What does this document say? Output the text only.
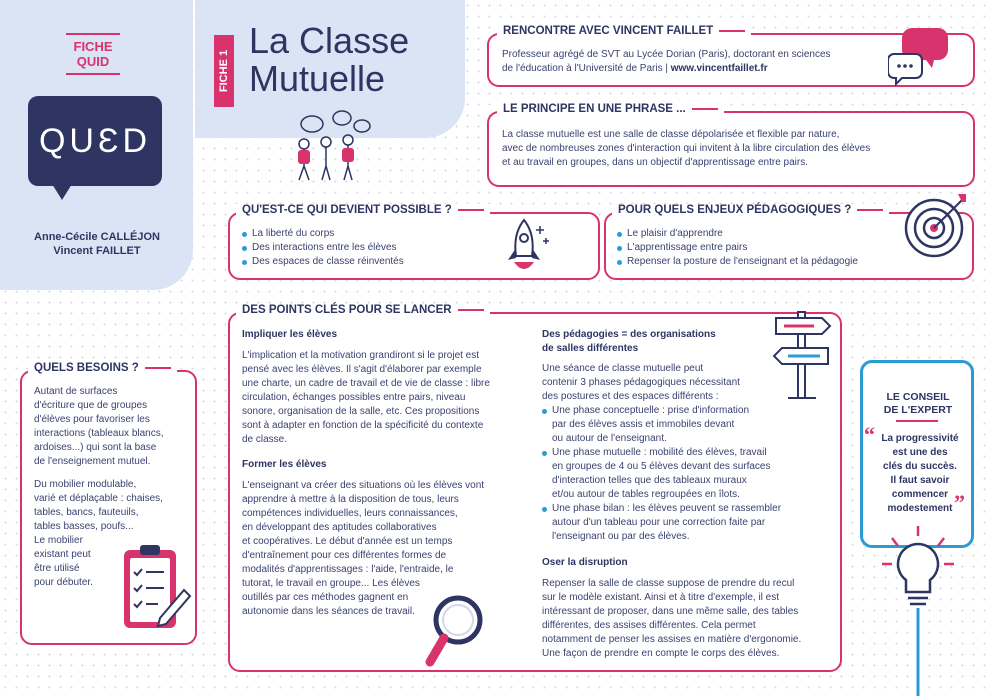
FICHE
QUID
QUƐD
Anne-Cécile CALLÉJON
Vincent FAILLET
FICHE 1
La Classe
Mutuelle
RENCONTRE AVEC VINCENT FAILLET
Professeur agrégé de SVT au Lycée Dorian (Paris), doctorant en sciences
de l'éducation à l'Université de Paris | www.vincentfaillet.fr
LE PRINCIPE EN UNE PHRASE ...
La classe mutuelle est une salle de classe dépolarisée et flexible par nature,
avec de nombreuses zones d'interaction qui invitent à la libre circulation des élèves
et au travail en groupes, dans un objectif d'apprentissage entre pairs.
QU'EST-CE QUI DEVIENT POSSIBLE ?
La liberté du corps
Des interactions entre les élèves
Des espaces de classe réinventés
POUR QUELS ENJEUX PÉDAGOGIQUES ?
Le plaisir d'apprendre
L'apprentissage entre pairs
Repenser la posture de l'enseignant et la pédagogie
QUELS BESOINS ?
Autant de surfaces
d'écriture que de groupes
d'élèves pour favoriser les
interactions (tableaux blancs,
ardoises...) qui sont la base
de l'enseignement mutuel.
Du mobilier modulable,
varié et déplaçable : chaises,
tables, bancs, fauteuils,
tables basses, poufs...
Le mobilier
existant peut
être utilisé
pour débuter.
DES POINTS CLÉS POUR SE LANCER
Impliquer les élèves
L'implication et la motivation grandiront si le projet est
pensé avec les élèves. Il s'agit d'élaborer par exemple
une charte, un cadre de travail et de vie de classe : libre
circulation, échanges possibles entre pairs, niveau
sonore, organisation de la salle, etc. Ces propositions
sont à adapter en fonction de la spécificité du contexte
de classe.
Former les élèves
L'enseignant va créer des situations où les élèves vont
apprendre à mettre à la disposition de tous, leurs
compétences individuelles, leurs connaissances,
en développant des aptitudes collaboratives
et coopératives. Le début d'année est un temps
d'entraînement pour ces différentes formes de
modalités d'apprentissages : l'aide, l'entraide, le
tutorat, le travail en groupe... Les élèves
outillés par ces méthodes gagnent en
autonomie dans les séances de travail.
Des pédagogies = des organisations
de salles différentes
Une séance de classe mutuelle peut
contenir 3 phases pédagogiques nécessitant
des postures et des espaces différents :
Une phase conceptuelle : prise d'information
par des élèves assis et immobiles devant
ou autour de l'enseignant.
Une phase mutuelle : mobilité des élèves, travail
en groupes de 4 ou 5 élèves devant des surfaces
d'interaction telles que des tableaux muraux
et/ou autour de tables regroupées en îlots.
Une phase bilan : les élèves peuvent se rassembler
autour d'un tableau pour une correction faite par
l'enseignant ou par des élèves.
Oser la disruption
Repenser la salle de classe suppose de prendre du recul
sur le modèle existant. Ainsi et à titre d'exemple, il est
intéressant de proposer, dans une même salle, des tables
différentes, des assises différentes. Cela permet
notamment de penser les assises en matière d'ergonomie.
Une façon de prendre en compte le corps des élèves.
LE CONSEIL
DE L'EXPERT
“ La progressivité
est une des
clés du succès.
Il faut savoir
commencer
modestement ”
